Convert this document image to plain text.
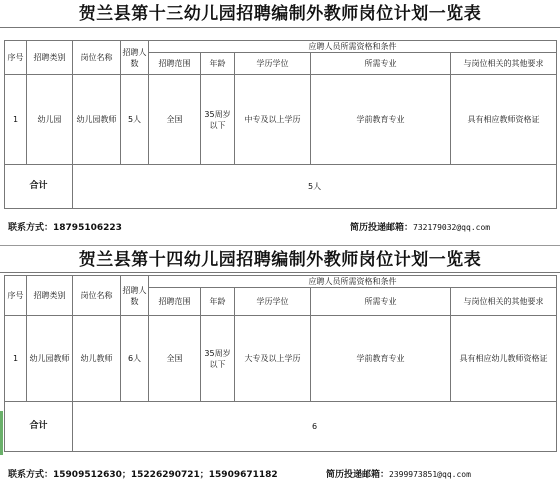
贺兰县第十三幼儿园招聘编制外教师岗位计划一览表
序号	招聘类别	岗位名称	招聘人数	应聘人员所需资格和条件				
				招聘范围	年龄	学历学位	所需专业	与岗位相关的其他要求
1	幼儿园	幼儿园教师	5人	全国	35周岁以下	中专及以上学历	学前教育专业	具有相应教师资格证
合计		5人						
联系方式：18795106223	简历投递邮箱：732179032@qq.com
贺兰县第十四幼儿园招聘编制外教师岗位计划一览表
序号	招聘类别	岗位名称	招聘人数	应聘人员所需资格和条件				
				招聘范围	年龄	学历学位	所需专业	与岗位相关的其他要求
1	幼儿园教师	幼儿教师	6人	全国	35周岁以下	大专及以上学历	学前教育专业	具有相应幼儿教师资格证
合计		6						
联系方式：15909512630；15226290721；15909671182	简历投递邮箱：2399973851@qq.com
